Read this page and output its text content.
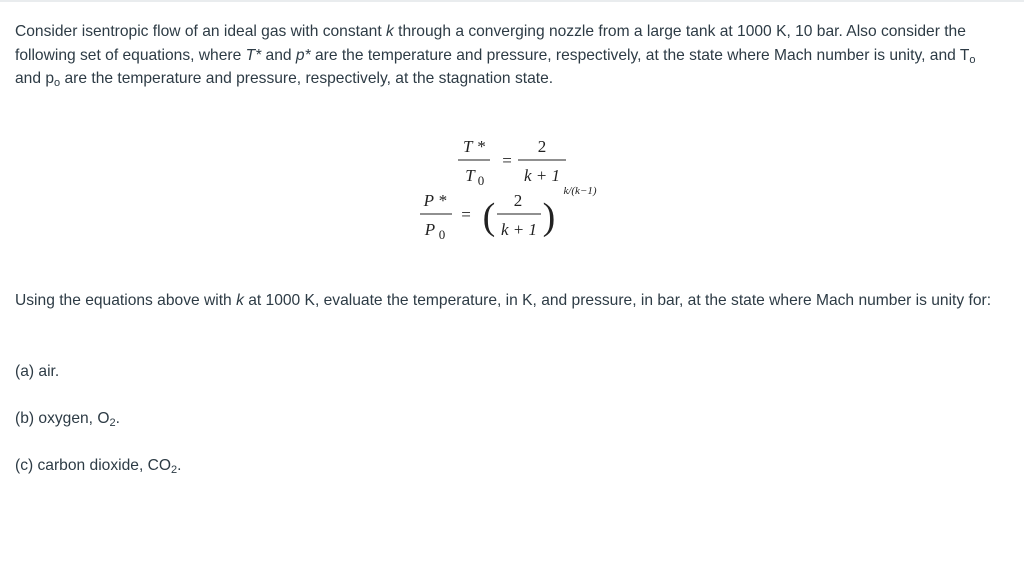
Consider isentropic flow of an ideal gas with constant k through a converging nozzle from a large tank at 1000 K, 10 bar. Also consider the following set of equations, where T* and p* are the temperature and pressure, respectively, at the state where Mach number is unity, and $T_o$ and $p_o$ are the temperature and pressure, respectively, at the stagnation state.
T *
T 0
=
2
k + 1
P *
P 0
= ( 2
k + 1 )
k/(k−1)
Using the equations above with k at 1000 K, evaluate the temperature, in K, and pressure, in bar, at the state where Mach number is unity for:
(a) air.
(b) oxygen, $O_2$.
(c) carbon dioxide, $CO_2$.
